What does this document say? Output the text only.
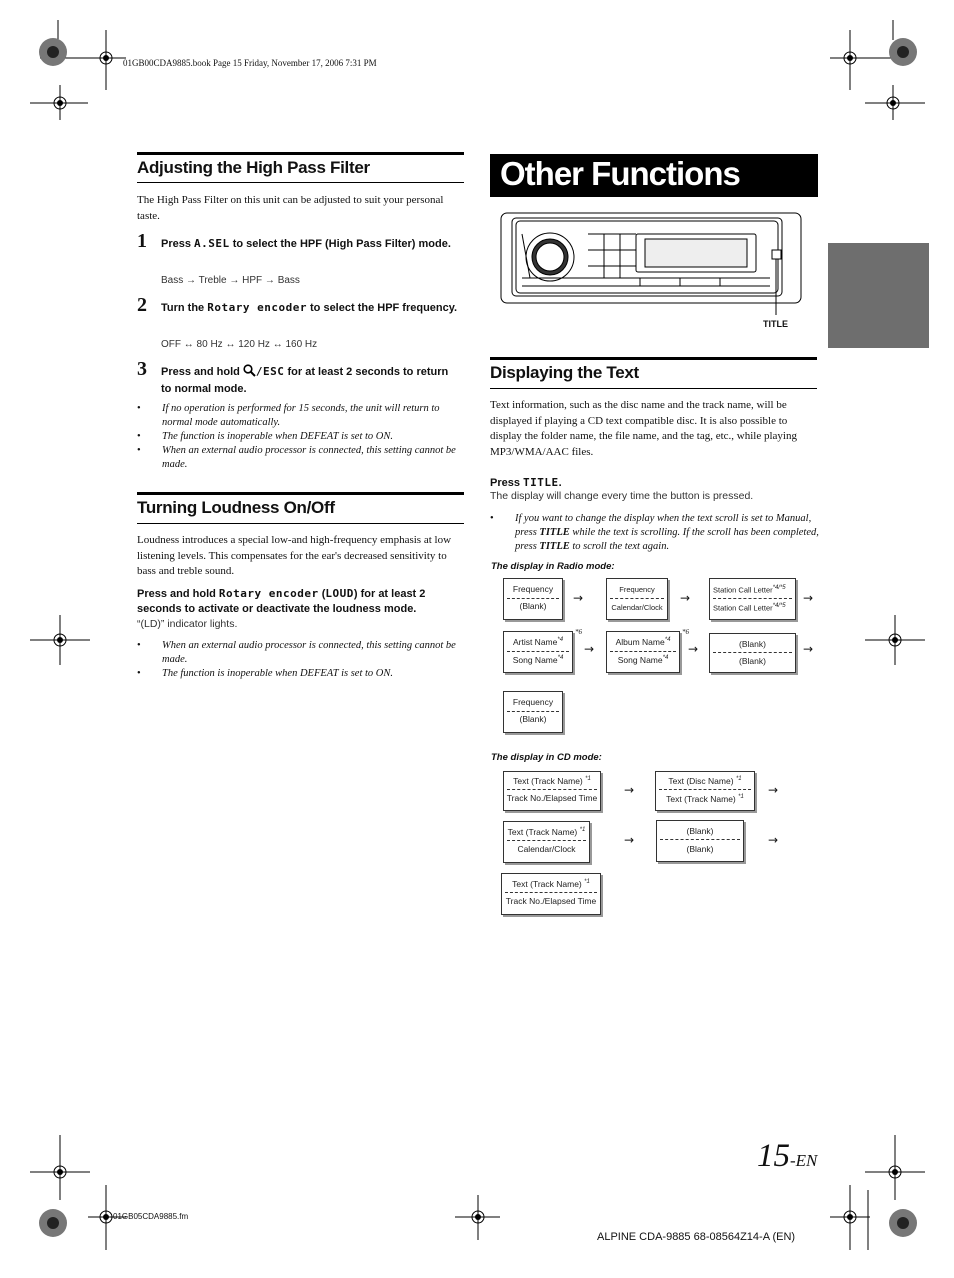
01GB00CDA9885.book Page 15 Friday, November 17, 2006 7:31 PM
Adjusting the High Pass Filter
The High Pass Filter on this unit can be adjusted to suit your personal taste.
1 Press A.SEL to select the HPF (High Pass Filter) mode.
Bass → Treble → HPF → Bass
2 Turn the Rotary encoder to select the HPF frequency.
OFF ↔ 80 Hz ↔ 120 Hz ↔ 160 Hz
3 Press and hold /ESC for at least 2 seconds to return to normal mode.
• If no operation is performed for 15 seconds, the unit will return to normal mode automatically.
• The function is inoperable when DEFEAT is set to ON.
• When an external audio processor is connected, this setting cannot be made.
Turning Loudness On/Off
Loudness introduces a special low-and high-frequency emphasis at low listening levels. This compensates for the ear's decreased sensitivity to bass and treble sound.
Press and hold Rotary encoder (LOUD) for at least 2 seconds to activate or deactivate the loudness mode.
“(LD)” indicator lights.
• When an external audio processor is connected, this setting cannot be made.
• The function is inoperable when DEFEAT is set to ON.
Other Functions
TITLE
Displaying the Text
Text information, such as the disc name and the track name, will be displayed if playing a CD text compatible disc. It is also possible to display the folder name, the file name, and the tag, etc., while playing MP3/WMA/AAC files.
Press TITLE.
The display will change every time the button is pressed.
• If you want to change the display when the text scroll is set to Manual, press TITLE while the text is scrolling. If the scroll has been completed, press TITLE to scroll the text again.
The display in Radio mode:
Frequency
(Blank)
→
Frequency
Calendar/Clock
→
Station Call Letter$^{*4/*5}$
Station Call Letter$^{*4/*5}$
→
Artist Name$^{*4}$
Song Name$^{*4}$
*6
→	Album Name$^{*4}$
Song Name$^{*4}$
*6
→	(Blank)
(Blank)
→
Frequency
(Blank)
The display in CD mode:
Text (Track Name) $^{*1}$
Track No./Elapsed Time
→
Text (Disc Name) $^{*1}$
Text (Track Name) $^{*1}$
→
Text (Track Name) $^{*1}$
Calendar/Clock
→
(Blank)
(Blank)
→
Text (Track Name) $^{*1}$
Track No./Elapsed Time
15-EN
01GB05CDA9885.fm
ALPINE CDA-9885 68-08564Z14-A (EN)
